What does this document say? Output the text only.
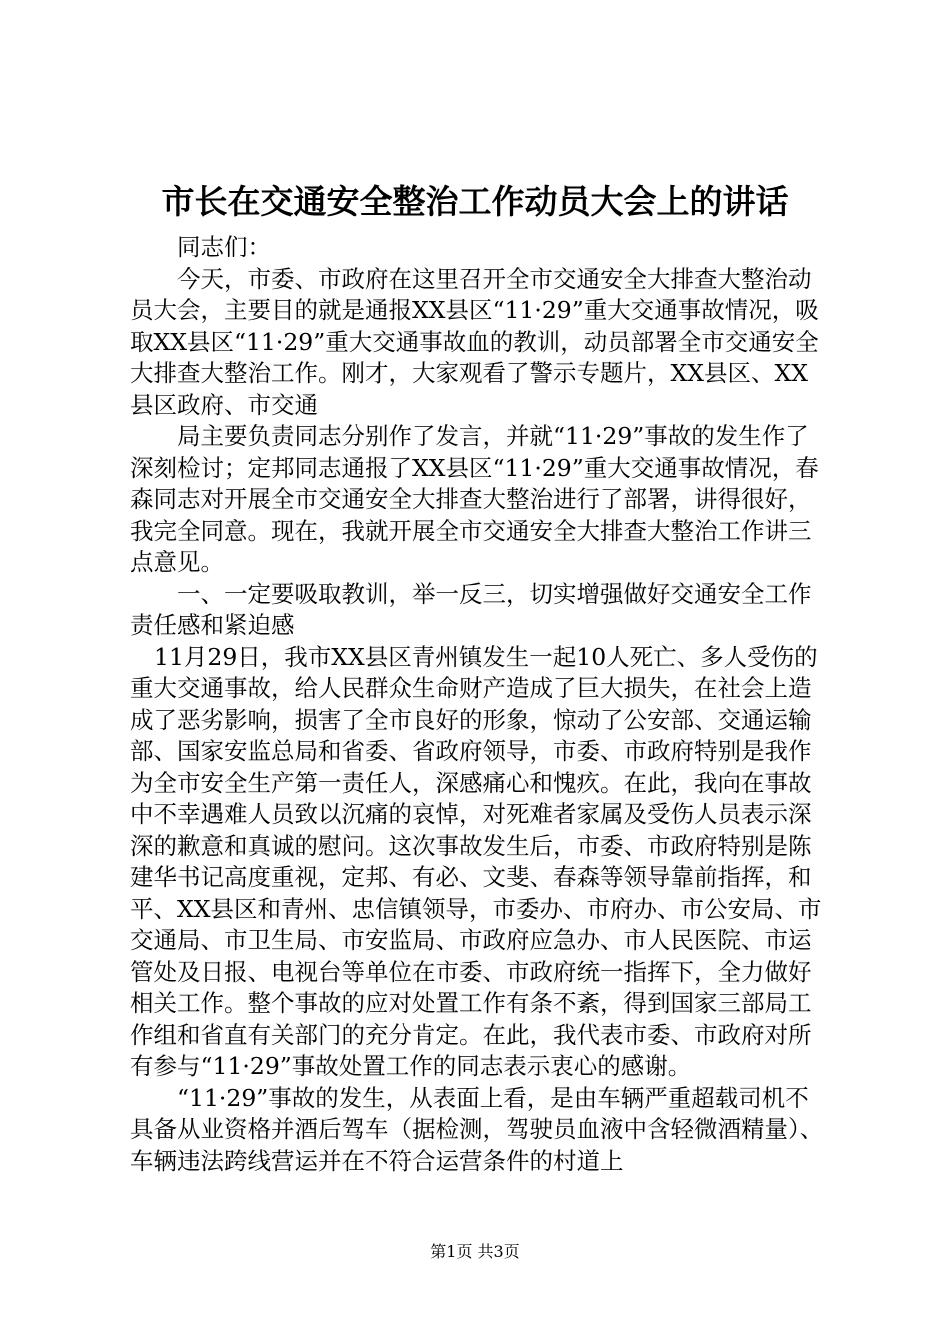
市长在交通安全整治工作动员大会上的讲话

同志们：

今天，市委、市政府在这里召开全市交通安全大排查大整治动员大会，主要目的就是通报XX县区“11·29”重大交通事故情况，吸取XX县区“11·29”重大交通事故血的教训，动员部署全市交通安全大排查大整治工作。刚才，大家观看了警示专题片，XX县区、XX县区政府、市交通

局主要负责同志分别作了发言，并就“11·29”事故的发生作了深刻检讨；定邦同志通报了XX县区“11·29”重大交通事故情况，春森同志对开展全市交通安全大排查大整治进行了部署，讲得很好，我完全同意。现在，我就开展全市交通安全大排查大整治工作讲三点意见。

一、一定要吸取教训，举一反三，切实增强做好交通安全工作责任感和紧迫感

11月29日，我市XX县区青州镇发生一起10人死亡、多人受伤的重大交通事故，给人民群众生命财产造成了巨大损失，在社会上造成了恶劣影响，损害了全市良好的形象，惊动了公安部、交通运输部、国家安监总局和省委、省政府领导，市委、市政府特别是我作为全市安全生产第一责任人，深感痛心和愧疚。在此，我向在事故中不幸遇难人员致以沉痛的哀悼，对死难者家属及受伤人员表示深深的歉意和真诚的慰问。这次事故发生后，市委、市政府特别是陈建华书记高度重视，定邦、有必、文斐、春森等领导靠前指挥，和平、XX县区和青州、忠信镇领导，市委办、市府办、市公安局、市交通局、市卫生局、市安监局、市政府应急办、市人民医院、市运管处及日报、电视台等单位在市委、市政府统一指挥下，全力做好相关工作。整个事故的应对处置工作有条不紊，得到国家三部局工作组和省直有关部门的充分肯定。在此，我代表市委、市政府对所有参与“11·29”事故处置工作的同志表示衷心的感谢。

“11·29”事故的发生，从表面上看，是由车辆严重超载司机不具备从业资格并酒后驾车（据检测，驾驶员血液中含轻微酒精量）、车辆违法跨线营运并在不符合运营条件的村道上

第1页 共3页
